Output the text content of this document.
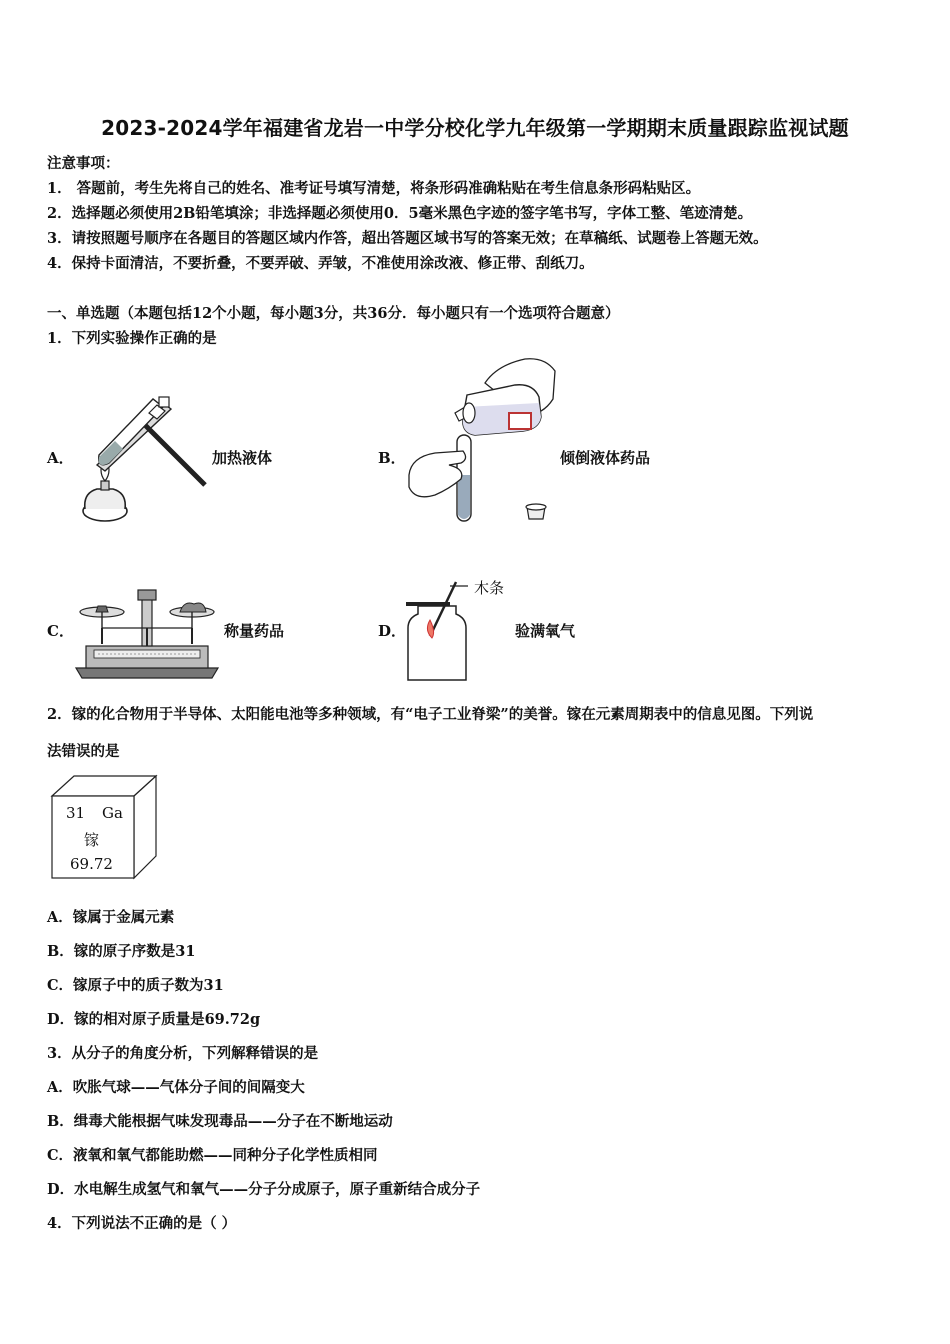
2023-2024学年福建省龙岩一中学分校化学九年级第一学期期末质量跟踪监视试题
注意事项：
1． 答题前，考生先将自己的姓名、准考证号填写清楚，将条形码准确粘贴在考生信息条形码粘贴区。
2．选择题必须使用2B铅笔填涂；非选择题必须使用0．5毫米黑色字迹的签字笔书写，字体工整、笔迹清楚。
3．请按照题号顺序在各题目的答题区域内作答，超出答题区域书写的答案无效；在草稿纸、试题卷上答题无效。
4．保持卡面清洁，不要折叠，不要弄破、弄皱，不准使用涂改液、修正带、刮纸刀。
一、单选题（本题包括12个小题，每小题3分，共36分．每小题只有一个选项符合题意）
1．下列实验操作正确的是
A．	加热液体	B．	倾倒液体药品
C．	称量药品	D．
木条
验满氧气
2．镓的化合物用于半导体、太阳能电池等多种领域，有“电子工业脊梁”的美誉。镓在元素周期表中的信息见图。下列说
法错误的是
31 Ga
镓
69.72
A．镓属于金属元素
B．镓的原子序数是31
C．镓原子中的质子数为31
D．镓的相对原子质量是69.72g
3．从分子的角度分析，下列解释错误的是
A．吹胀气球——气体分子间的间隔变大
B．缉毒犬能根据气味发现毒品——分子在不断地运动
C．液氧和氧气都能助燃——同种分子化学性质相同
D．水电解生成氢气和氧气——分子分成原子，原子重新结合成分子
4．下列说法不正确的是（ ）
